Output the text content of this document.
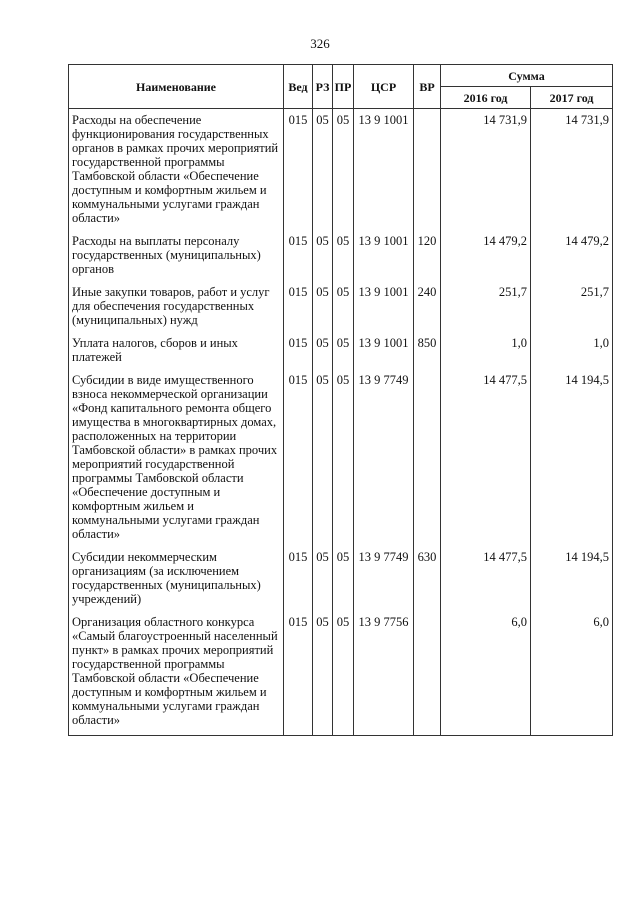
326
Наименование	Вед	РЗ	ПР	ЦСР	ВР	Сумма	
						2016 год	2017 год

Расходы на обеспечение функционирования государственных органов в рамках прочих мероприятий государственной программы Тамбовской области «Обеспечение доступным и комфортным жильем и коммунальными услугами граждан области»	015	05	05	13 9 1001		14 731,9	14 731,9
Расходы на выплаты персоналу государственных (муниципальных) органов	015	05	05	13 9 1001	120	14 479,2	14 479,2
Иные закупки товаров, работ и услуг для обеспечения государственных (муниципальных) нужд	015	05	05	13 9 1001	240	251,7	251,7
Уплата налогов, сборов и иных платежей	015	05	05	13 9 1001	850	1,0	1,0
Субсидии в виде имущественного взноса некоммерческой организации «Фонд капитального ремонта общего имущества в многоквартирных домах, расположенных на территории Тамбовской области» в рамках прочих мероприятий государственной программы Тамбовской области «Обеспечение доступным и комфортным жильем и коммунальными услугами граждан области»	015	05	05	13 9 7749		14 477,5	14 194,5
Субсидии некоммерческим организациям (за исключением государственных (муниципальных) учреждений)	015	05	05	13 9 7749	630	14 477,5	14 194,5
Организация областного конкурса «Самый благоустроенный населенный пункт» в рамках прочих мероприятий государственной программы Тамбовской области «Обеспечение доступным и комфортным жильем и коммунальными услугами граждан области»	015	05	05	13 9 7756		6,0	6,0
